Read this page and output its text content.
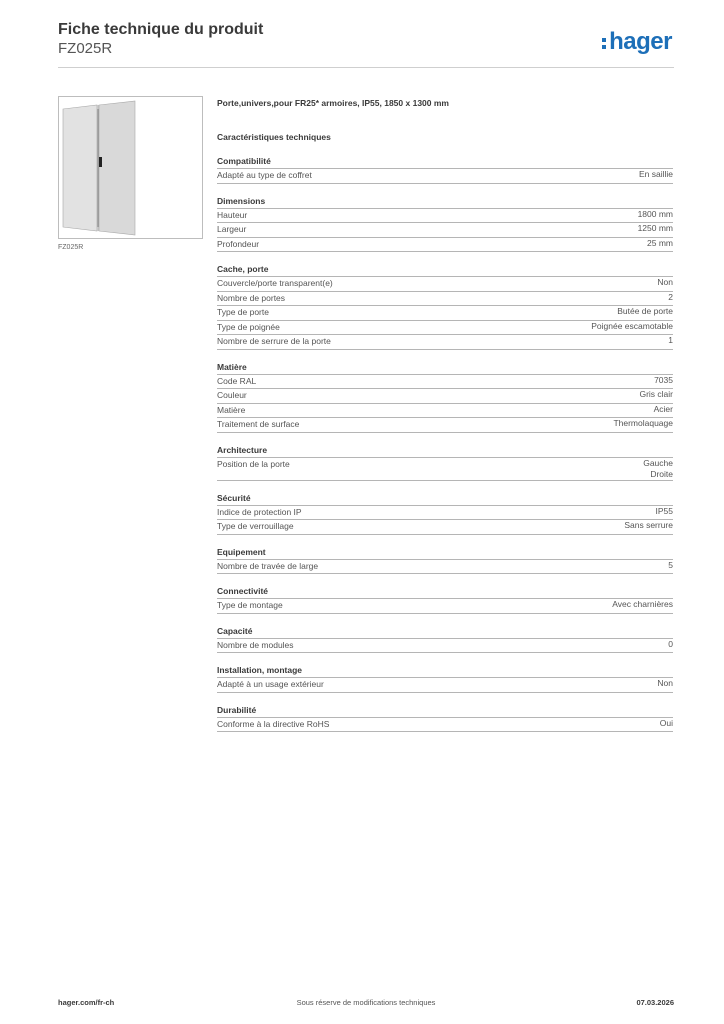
Fiche technique du produit
FZ025R	hager
FZ025R
Porte,univers,pour FR25* armoires, IP55, 1850 x 1300 mm
Caractéristiques techniques
Compatibilité
Adapté au type de coffret	En saillie
Dimensions
Hauteur	1800 mm
Largeur	1250 mm
Profondeur	25 mm
Cache, porte
Couvercle/porte transparent(e)	Non
Nombre de portes	2
Type de porte	Butée de porte
Type de poignée	Poignée escamotable
Nombre de serrure de la porte	1
Matière
Code RAL	7035
Couleur	Gris clair
Matière	Acier
Traitement de surface	Thermolaquage
Architecture
Position de la porte	Gauche
Droite
Sécurité
Indice de protection IP	IP55
Type de verrouillage	Sans serrure
Equipement
Nombre de travée de large	5
Connectivité
Type de montage	Avec charnières
Capacité
Nombre de modules	0
Installation, montage
Adapté à un usage extérieur	Non
Durabilité
Conforme à la directive RoHS	Oui
hager.com/fr-ch	Sous réserve de modifications techniques	07.03.2026
